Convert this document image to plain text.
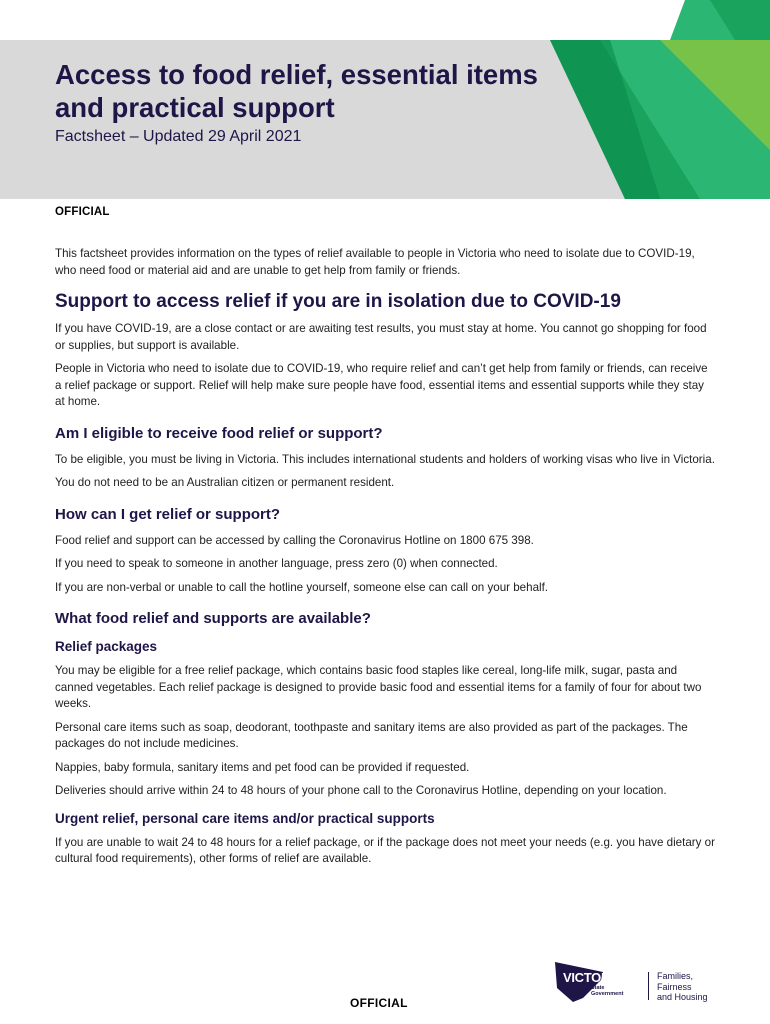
Access to food relief, essential items and practical support
Factsheet – Updated 29 April 2021
OFFICIAL

This factsheet provides information on the types of relief available to people in Victoria who need to isolate due to COVID-19, who need food or material aid and are unable to get help from family or friends.

Support to access relief if you are in isolation due to COVID-19

If you have COVID-19, are a close contact or are awaiting test results, you must stay at home. You cannot go shopping for food or supplies, but support is available.

People in Victoria who need to isolate due to COVID-19, who require relief and can’t get help from family or friends, can receive a relief package or support. Relief will help make sure people have food, essential items and essential supports while they stay at home.

Am I eligible to receive food relief or support?

To be eligible, you must be living in Victoria. This includes international students and holders of working visas who live in Victoria.

You do not need to be an Australian citizen or permanent resident.

How can I get relief or support?

Food relief and support can be accessed by calling the Coronavirus Hotline on 1800 675 398.

If you need to speak to someone in another language, press zero (0) when connected.

If you are non-verbal or unable to call the hotline yourself, someone else can call on your behalf.

What food relief and supports are available?
Relief packages

You may be eligible for a free relief package, which contains basic food staples like cereal, long-life milk, sugar, pasta and canned vegetables. Each relief package is designed to provide basic food and essential items for a family of four for about two weeks.

Personal care items such as soap, deodorant, toothpaste and sanitary items are also provided as part of the packages. The packages do not include medicines.

Nappies, baby formula, sanitary items and pet food can be provided if requested.

Deliveries should arrive within 24 to 48 hours of your phone call to the Coronavirus Hotline, depending on your location.

Urgent relief, personal care items and/or practical supports

If you are unable to wait 24 to 48 hours for a relief package, or if the package does not meet your needs (e.g. you have dietary or cultural food requirements), other forms of relief are available.

VICTORIA
State
Government
Families,
Fairness
and Housing
OFFICIAL
